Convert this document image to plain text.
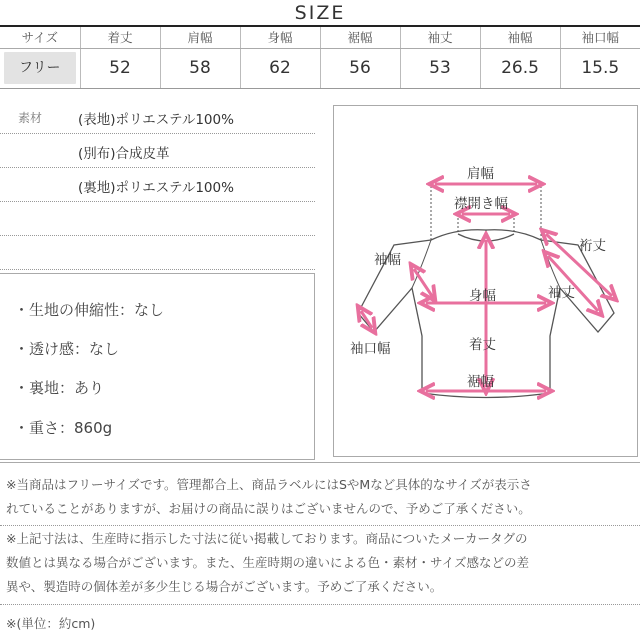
SIZE
サイズ	着丈	肩幅	身幅	裾幅	袖丈	袖幅	袖口幅

フリー	52	58	62	56	53	26.5	15.5
素材	(表地)ポリエステル100%
(別布)合成皮革
(裏地)ポリエステル100%
・生地の伸縮性：なし
・透け感：なし
・裏地：あり
・重さ：860g
肩幅
襟開き幅
裄丈
袖幅
袖丈
身幅
袖口幅	着丈
裾幅
※当商品はフリーサイズです。管理都合上、商品ラベルにはSやMなど具体的なサイズが表示さ
れていることがありますが、お届けの商品に誤りはございませんので、予めご了承ください。
※上記寸法は、生産時に指示した寸法に従い掲載しております。商品についたメーカータグの
数値とは異なる場合がございます。また、生産時期の違いによる色・素材・サイズ感などの差
異や、製造時の個体差が多少生じる場合がございます。予めご了承ください。
※(単位：約cm)
